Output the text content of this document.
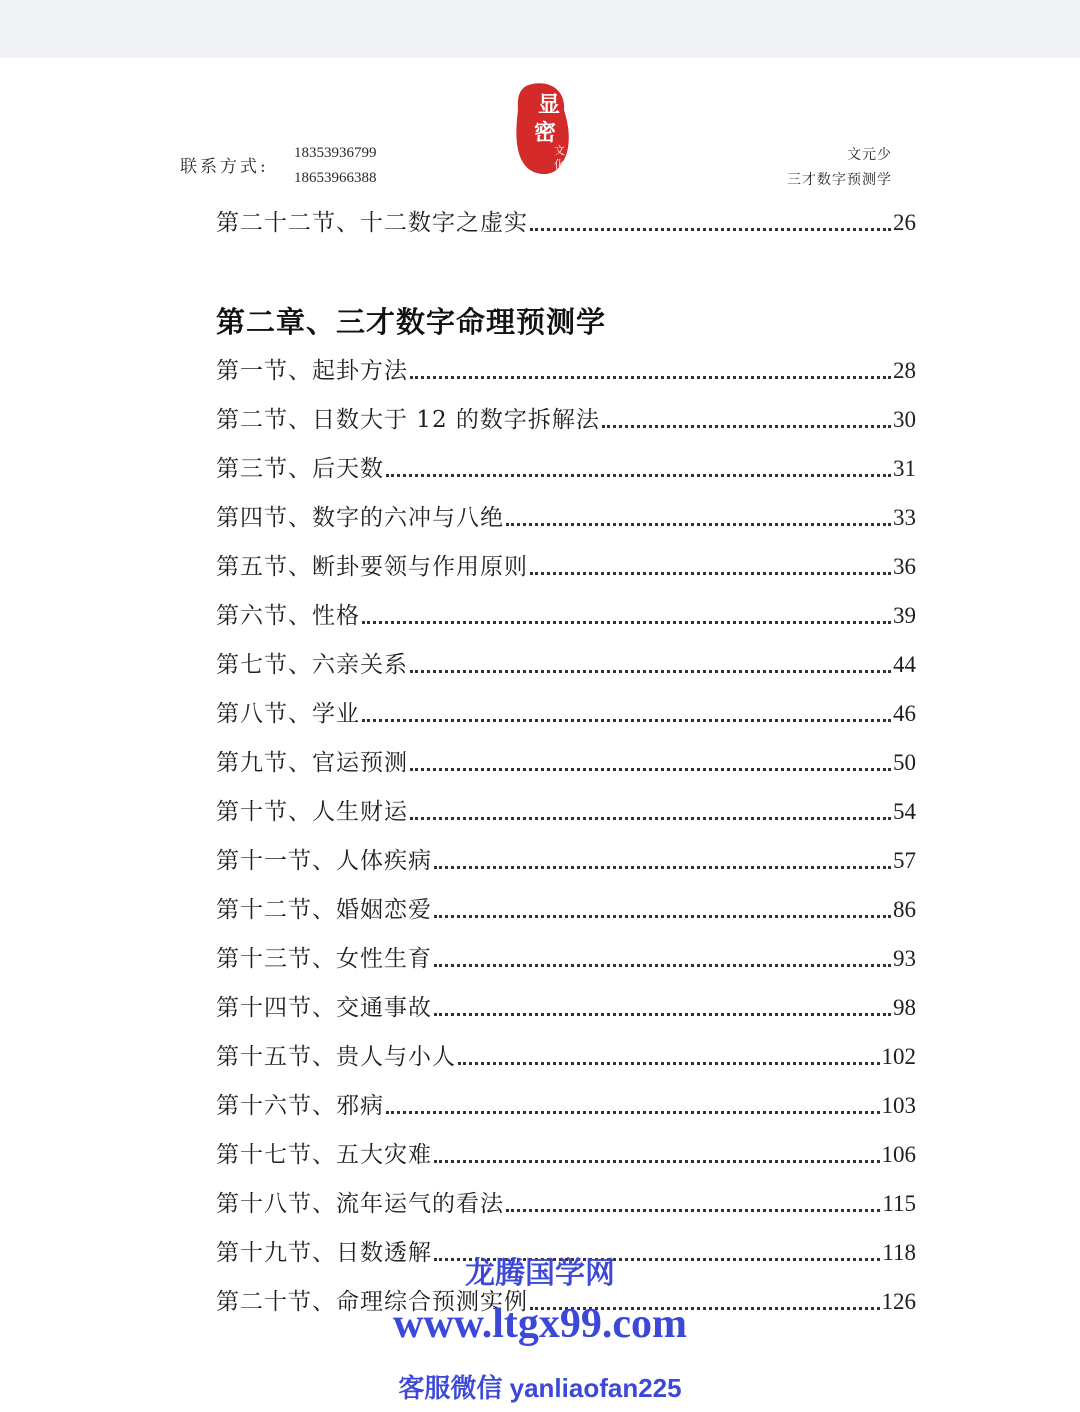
联系方式:
18353936799
18653966388
显
密
文
化
文元少
三才数字预测学
第二十二节、十二数字之虚实	26
第二章、三才数字命理预测学
第一节、起卦方法	28
第二节、日数大于 12 的数字拆解法	30
第三节、后天数	31
第四节、数字的六冲与八绝	33
第五节、断卦要领与作用原则	36
第六节、性格	39
第七节、六亲关系	44
第八节、学业	46
第九节、官运预测	50
第十节、人生财运	54
第十一节、人体疾病	57
第十二节、婚姻恋爱	86
第十三节、女性生育	93
第十四节、交通事故	98
第十五节、贵人与小人	102
第十六节、邪病	103
第十七节、五大灾难	106
第十八节、流年运气的看法	115
第十九节、日数透解	118
第二十节、命理综合预测实例	126
龙腾国学网
www.ltgx99.com
客服微信 yanliaofan225
